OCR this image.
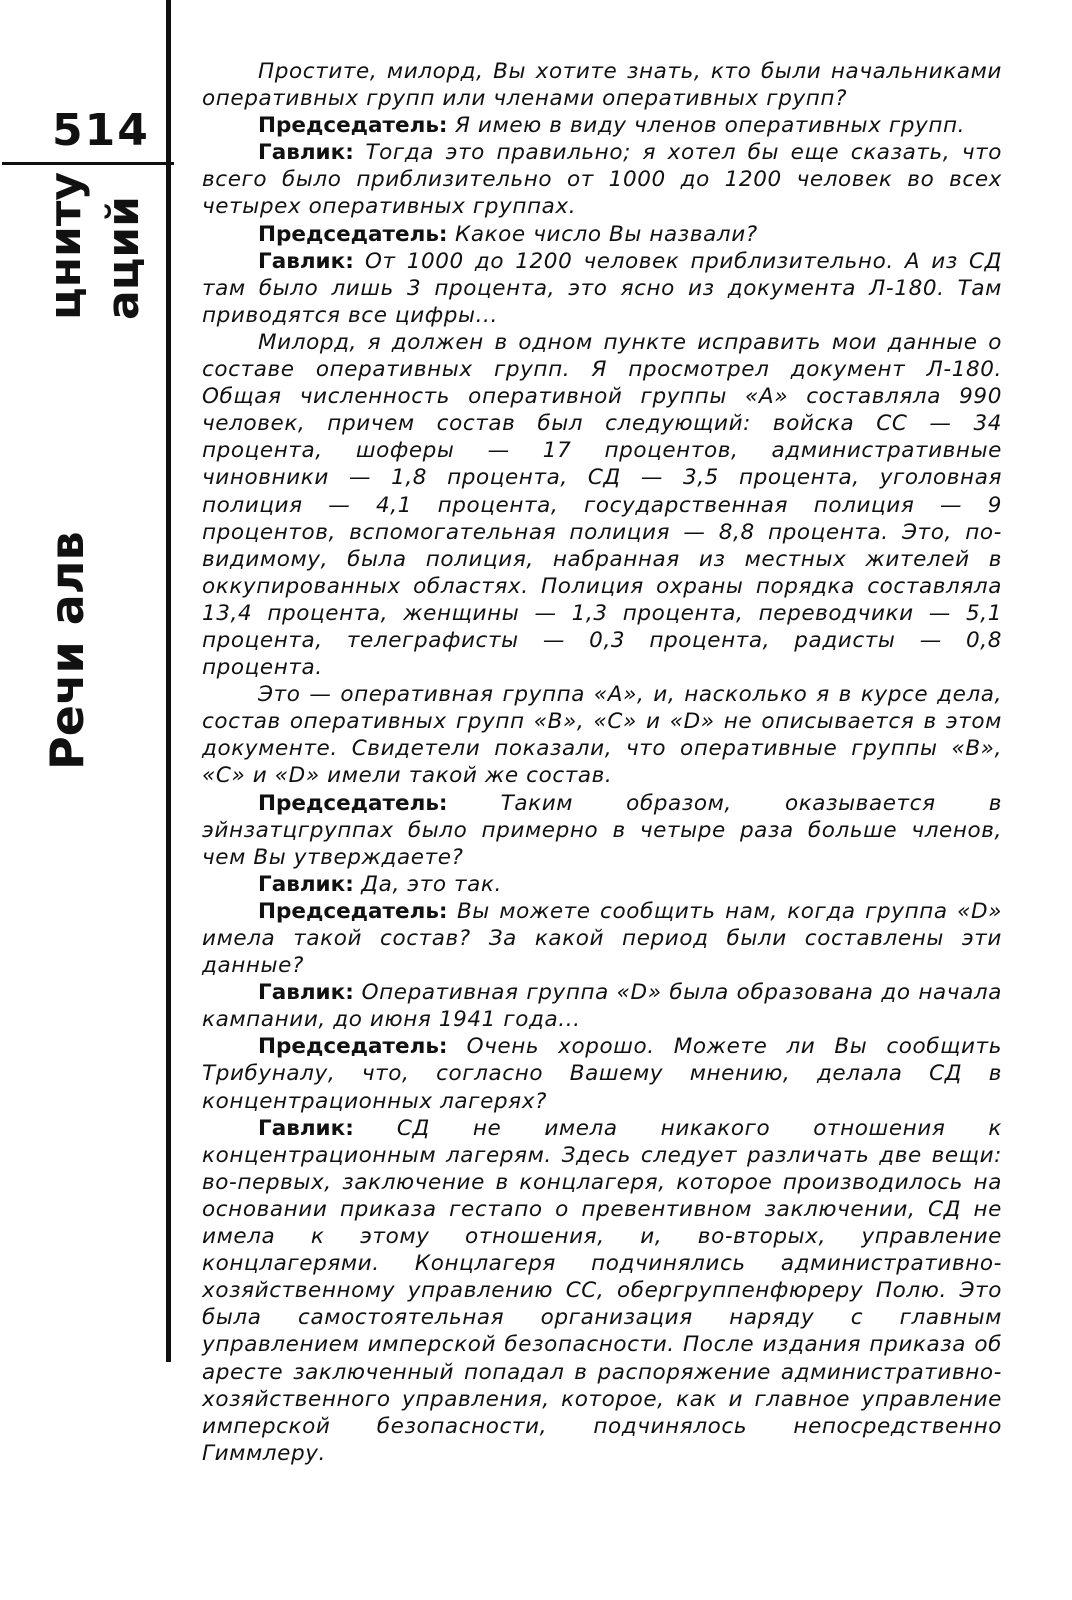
514
цниту аций
Речи алв

Простите, милорд, Вы хотите знать, кто были начальниками оперативных групп или членами оперативных групп?

Председатель: Я имею в виду членов оперативных групп.

Гавлик: Тогда это правильно; я хотел бы еще сказать, что всего было приблизительно от 1000 до 1200 человек во всех четырех оперативных группах.

Председатель: Какое число Вы назвали?

Гавлик: От 1000 до 1200 человек приблизительно. А из СД там было лишь 3 процента, это ясно из документа Л-180. Там приводятся все цифры...

Милорд, я должен в одном пункте исправить мои данные о составе оперативных групп. Я просмотрел документ Л-180. Общая численность оперативной группы «А» составляла 990 человек, причем состав был следующий: войска СС — 34 процента, шоферы — 17 процентов, административные чиновники — 1,8 процента, СД — 3,5 процента, уголовная полиция — 4,1 процента, государственная полиция — 9 процентов, вспомогательная полиция — 8,8 процента. Это, по-видимому, была полиция, набранная из местных жителей в оккупированных областях. Полиция охраны порядка составляла 13,4 процента, женщины — 1,3 процента, переводчики — 5,1 процента, телеграфисты — 0,3 процента, радисты — 0,8 процента.

Это — оперативная группа «А», и, насколько я в курсе дела, состав оперативных групп «В», «С» и «D» не описывается в этом документе. Свидетели показали, что оперативные группы «В», «С» и «D» имели такой же состав.

Председатель: Таким образом, оказывается в эйнзатцгруппах было примерно в четыре раза больше членов, чем Вы утверждаете?

Гавлик: Да, это так.

Председатель: Вы можете сообщить нам, когда группа «D» имела такой состав? За какой период были составлены эти данные?

Гавлик: Оперативная группа «D» была образована до начала кампании, до июня 1941 года...

Председатель: Очень хорошо. Можете ли Вы сообщить Трибуналу, что, согласно Вашему мнению, делала СД в концентрационных лагерях?

Гавлик: СД не имела никакого отношения к концентрационным лагерям. Здесь следует различать две вещи: во-первых, заключение в концлагеря, которое производилось на основании приказа гестапо о превентивном заключении, СД не имела к этому отношения, и, во-вторых, управление концлагерями. Концлагеря подчинялись административно-хозяйственному управлению СС, обергруппенфюреру Полю. Это была самостоятельная организация наряду с главным управлением имперской безопасности. После издания приказа об аресте заключенный попадал в распоряжение административно-хозяйственного управления, которое, как и главное управление имперской безопасности, подчинялось непосредственно Гиммлеру.
